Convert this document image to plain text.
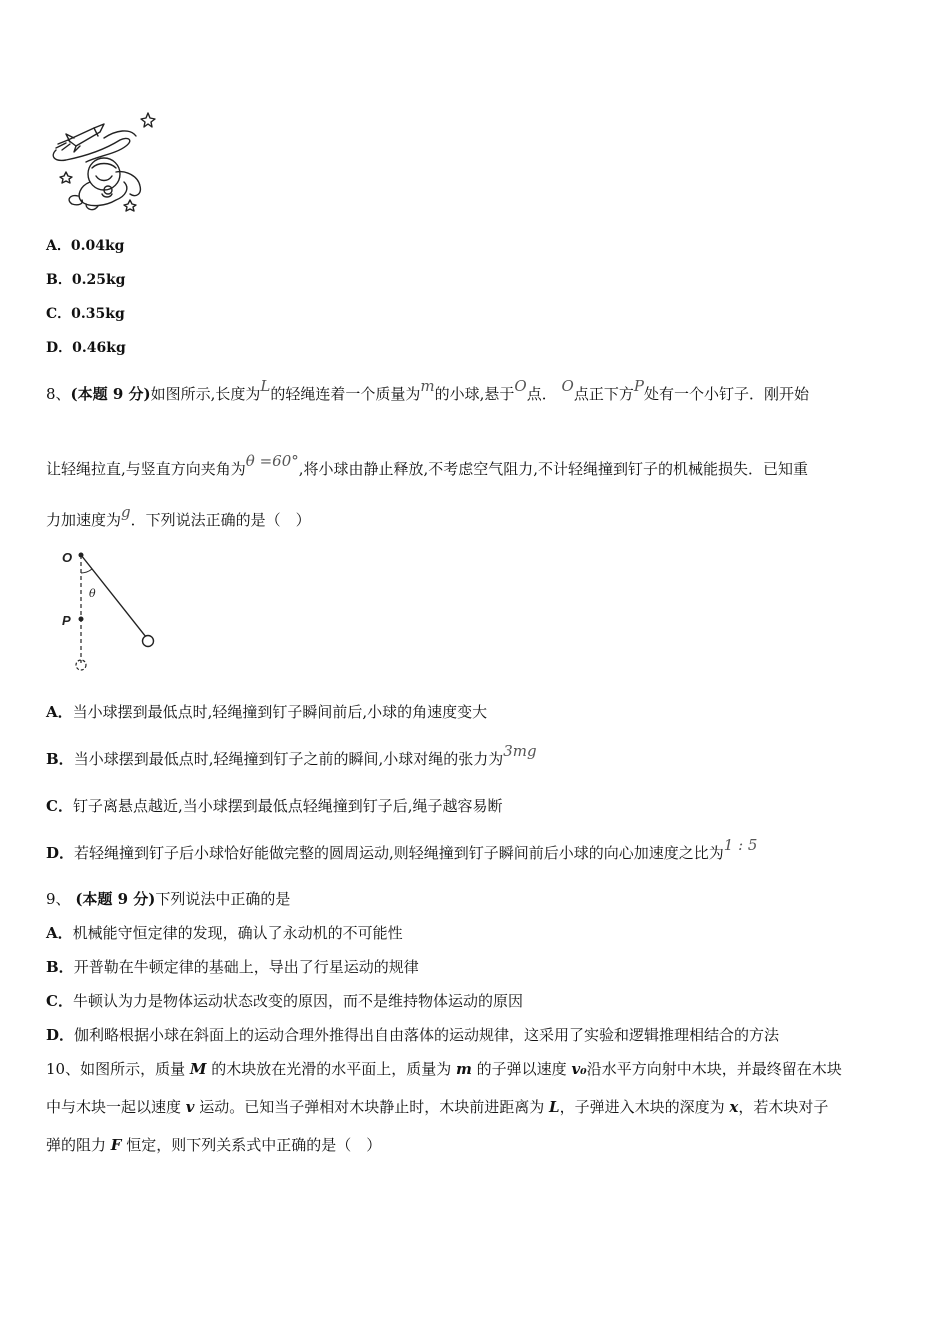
A．0.04kg
B．0.25kg
C．0.35kg
D．0.46kg
8、(本题 9 分)如图所示,长度为L的轻绳连着一个质量为m的小球,悬于O点． O点正下方P处有一个小钉子．刚开始
让轻绳拉直,与竖直方向夹角为θ =60°,将小球由静止释放,不考虑空气阻力,不计轻绳撞到钉子的机械能损失．已知重
力加速度为g．下列说法正确的是（　）
O
θ
P
A．当小球摆到最低点时,轻绳撞到钉子瞬间前后,小球的角速度变大
B．当小球摆到最低点时,轻绳撞到钉子之前的瞬间,小球对绳的张力为3mg
C．钉子离悬点越近,当小球摆到最低点轻绳撞到钉子后,绳子越容易断
D．若轻绳撞到钉子后小球恰好能做完整的圆周运动,则轻绳撞到钉子瞬间前后小球的向心加速度之比为1 : 5
9、 (本题 9 分)下列说法中正确的是
A．机械能守恒定律的发现，确认了永动机的不可能性
B．开普勒在牛顿定律的基础上，导出了行星运动的规律
C．牛顿认为力是物体运动状态改变的原因，而不是维持物体运动的原因
D．伽利略根据小球在斜面上的运动合理外推得出自由落体的运动规律，这采用了实验和逻辑推理相结合的方法
10、如图所示，质量 M 的木块放在光滑的水平面上，质量为 m 的子弹以速度 v₀沿水平方向射中木块，并最终留在木块
中与木块一起以速度 v 运动。已知当子弹相对木块静止时，木块前进距离为 L，子弹进入木块的深度为 x，若木块对子
弹的阻力 F 恒定，则下列关系式中正确的是（　）
